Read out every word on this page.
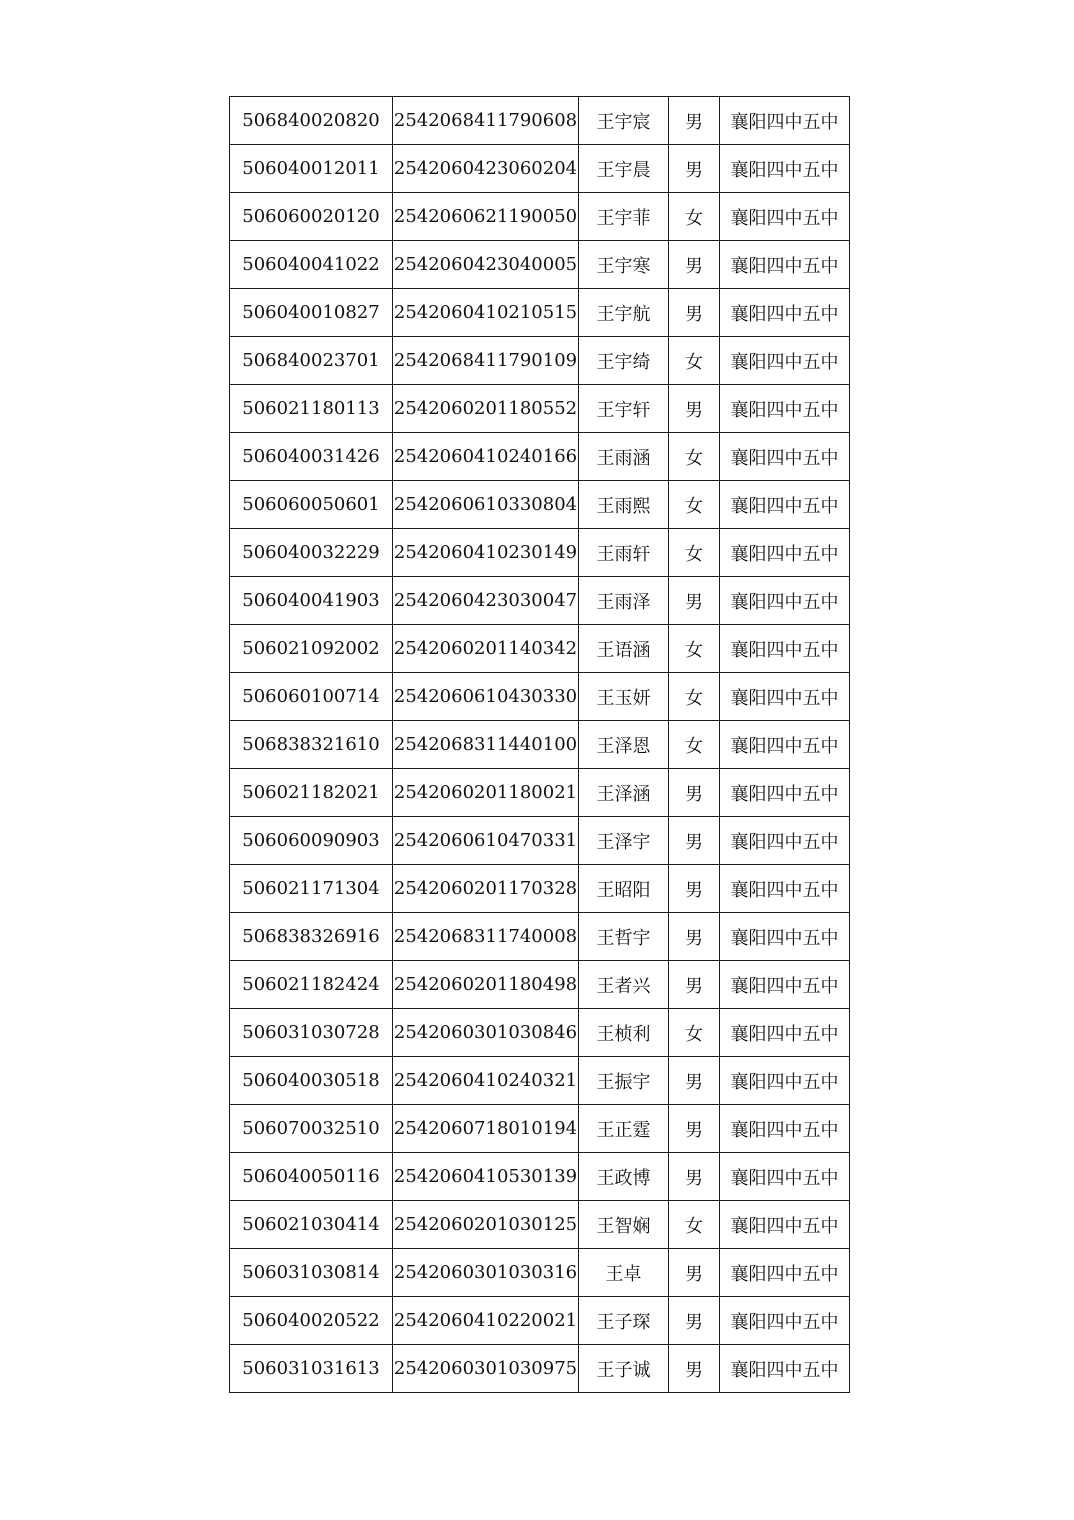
506840020820	2542068411790608	王宇宸	男	襄阳四中五中
506040012011	2542060423060204	王宇晨	男	襄阳四中五中
506060020120	2542060621190050	王宇菲	女	襄阳四中五中
506040041022	2542060423040005	王宇寒	男	襄阳四中五中
506040010827	2542060410210515	王宇航	男	襄阳四中五中
506840023701	2542068411790109	王宇绮	女	襄阳四中五中
506021180113	2542060201180552	王宇轩	男	襄阳四中五中
506040031426	2542060410240166	王雨涵	女	襄阳四中五中
506060050601	2542060610330804	王雨熙	女	襄阳四中五中
506040032229	2542060410230149	王雨轩	女	襄阳四中五中
506040041903	2542060423030047	王雨泽	男	襄阳四中五中
506021092002	2542060201140342	王语涵	女	襄阳四中五中
506060100714	2542060610430330	王玉妍	女	襄阳四中五中
506838321610	2542068311440100	王泽恩	女	襄阳四中五中
506021182021	2542060201180021	王泽涵	男	襄阳四中五中
506060090903	2542060610470331	王泽宇	男	襄阳四中五中
506021171304	2542060201170328	王昭阳	男	襄阳四中五中
506838326916	2542068311740008	王哲宇	男	襄阳四中五中
506021182424	2542060201180498	王者兴	男	襄阳四中五中
506031030728	2542060301030846	王桢利	女	襄阳四中五中
506040030518	2542060410240321	王振宇	男	襄阳四中五中
506070032510	2542060718010194	王正霆	男	襄阳四中五中
506040050116	2542060410530139	王政博	男	襄阳四中五中
506021030414	2542060201030125	王智娴	女	襄阳四中五中
506031030814	2542060301030316	王卓	男	襄阳四中五中
506040020522	2542060410220021	王子琛	男	襄阳四中五中
506031031613	2542060301030975	王子诚	男	襄阳四中五中
